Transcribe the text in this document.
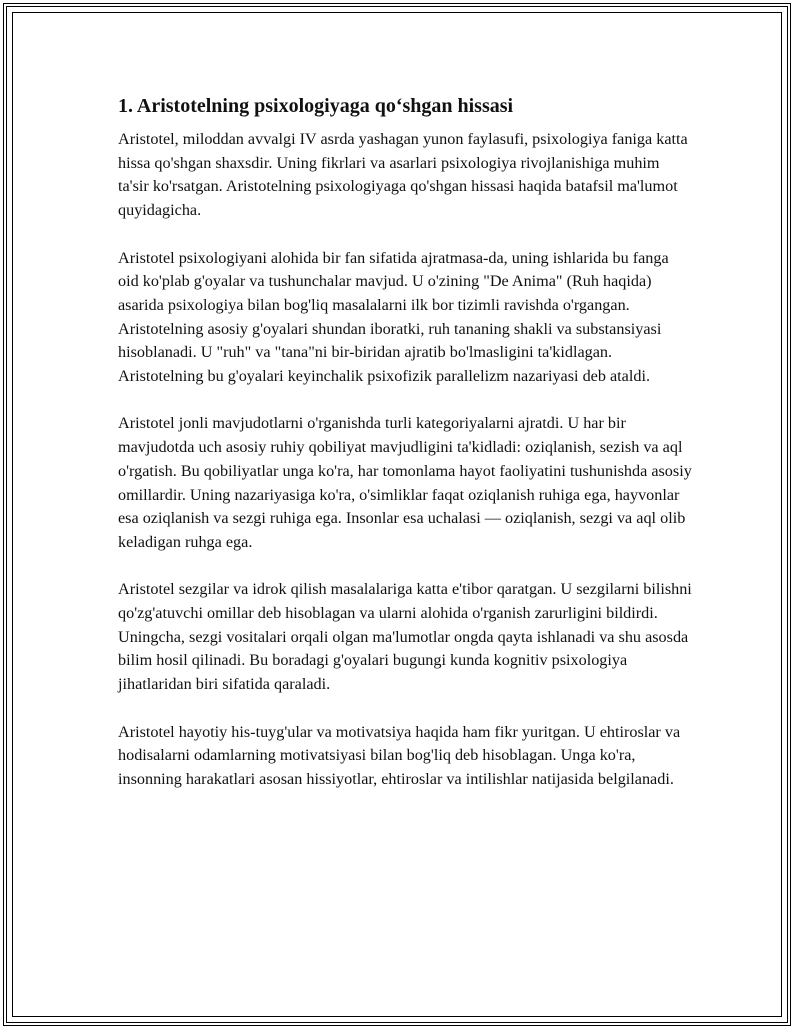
1. Aristotelning psixologiyaga qo‘shgan hissasi

Aristotel, miloddan avvalgi IV asrda yashagan yunon faylasufi, psixologiya faniga katta hissa qo'shgan shaxsdir. Uning fikrlari va asarlari psixologiya rivojlanishiga muhim ta'sir ko'rsatgan. Aristotelning psixologiyaga qo'shgan hissasi haqida batafsil ma'lumot quyidagicha.

Aristotel psixologiyani alohida bir fan sifatida ajratmasa-da, uning ishlarida bu fanga oid ko'plab g'oyalar va tushunchalar mavjud. U o'zining "De Anima" (Ruh haqida) asarida psixologiya bilan bog'liq masalalarni ilk bor tizimli ravishda o'rgangan. Aristotelning asosiy g'oyalari shundan iboratki, ruh tananing shakli va substansiyasi hisoblanadi. U "ruh" va "tana"ni bir-biridan ajratib bo'lmasligini ta'kidlagan. Aristotelning bu g'oyalari keyinchalik psixofizik parallelizm nazariyasi deb ataldi.

Aristotel jonli mavjudotlarni o'rganishda turli kategoriyalarni ajratdi. U har bir mavjudotda uch asosiy ruhiy qobiliyat mavjudligini ta'kidladi: oziqlanish, sezish va aql o'rgatish. Bu qobiliyatlar unga ko'ra, har tomonlama hayot faoliyatini tushunishda asosiy omillardir. Uning nazariyasiga ko'ra, o'simliklar faqat oziqlanish ruhiga ega, hayvonlar esa oziqlanish va sezgi ruhiga ega. Insonlar esa uchalasi — oziqlanish, sezgi va aql olib keladigan ruhga ega.

Aristotel sezgilar va idrok qilish masalalariga katta e'tibor qaratgan. U sezgilarni bilishni qo'zg'atuvchi omillar deb hisoblagan va ularni alohida o'rganish zarurligini bildirdi. Uningcha, sezgi vositalari orqali olgan ma'lumotlar ongda qayta ishlanadi va shu asosda bilim hosil qilinadi. Bu boradagi g'oyalari bugungi kunda kognitiv psixologiya jihatlaridan biri sifatida qaraladi.

Aristotel hayotiy his-tuyg'ular va motivatsiya haqida ham fikr yuritgan. U ehtiroslar va hodisalarni odamlarning motivatsiyasi bilan bog'liq deb hisoblagan. Unga ko'ra, insonning harakatlari asosan hissiyotlar, ehtiroslar va intilishlar natijasida belgilanadi.
